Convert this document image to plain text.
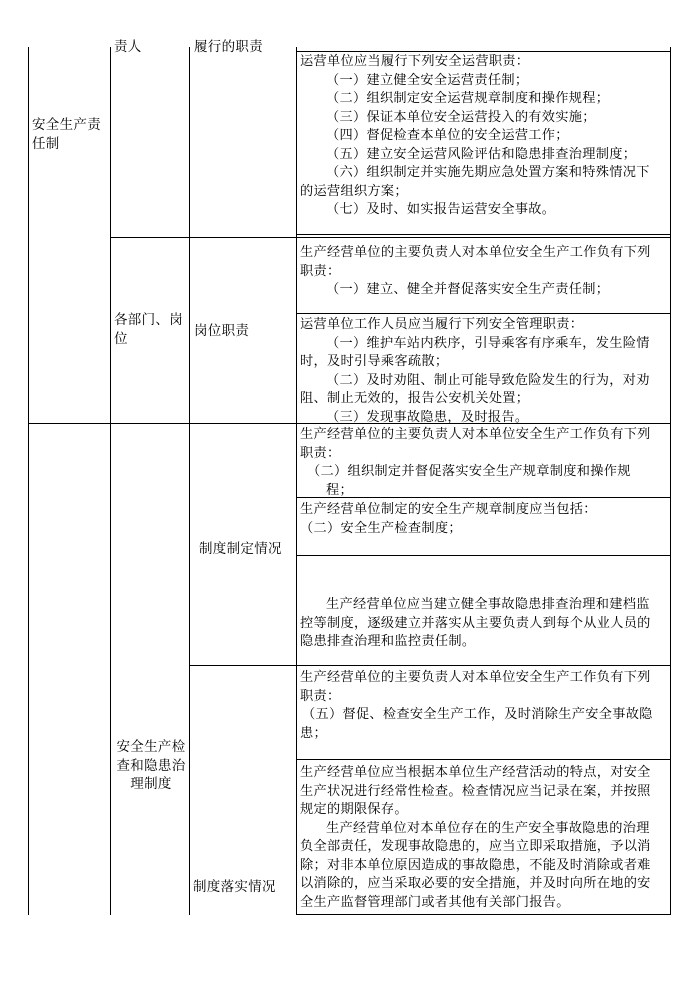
安全生产责任制
责人	履行的职责
各部门、岗位	岗位职责
运营单位应当履行下列安全运营职责：
（一）建立健全安全运营责任制；
（二）组织制定安全运营规章制度和操作规程；
（三）保证本单位安全运营投入的有效实施；
（四）督促检查本单位的安全运营工作；
（五）建立安全运营风险评估和隐患排查治理制度；
（六）组织制定并实施先期应急处置方案和特殊情况下
的运营组织方案；
（七）及时、如实报告运营安全事故。
生产经营单位的主要负责人对本单位安全生产工作负有下列
职责：
（一）建立、健全并督促落实安全生产责任制；
运营单位工作人员应当履行下列安全管理职责：
（一）维护车站内秩序，引导乘客有序乘车，发生险情
时，及时引导乘客疏散；
（二）及时劝阻、制止可能导致危险发生的行为，对劝
阻、制止无效的，报告公安机关处置；
（三）发现事故隐患，及时报告。
安全生产检查和隐患治理制度
制度制定情况
制度落实情况
生产经营单位的主要负责人对本单位安全生产工作负有下列
职责：
（二）组织制定并督促落实安全生产规章制度和操作规
程；
生产经营单位制定的安全生产规章制度应当包括：
（二）安全生产检查制度；
生产经营单位应当建立健全事故隐患排查治理和建档监
控等制度，逐级建立并落实从主要负责人到每个从业人员的
隐患排查治理和监控责任制。
生产经营单位的主要负责人对本单位安全生产工作负有下列
职责：
（五）督促、检查安全生产工作，及时消除生产安全事故隐
患；
生产经营单位应当根据本单位生产经营活动的特点，对安全
生产状况进行经常性检查。检查情况应当记录在案，并按照
规定的期限保存。
生产经营单位对本单位存在的生产安全事故隐患的治理
负全部责任，发现事故隐患的，应当立即采取措施，予以消
除；对非本单位原因造成的事故隐患，不能及时消除或者难
以消除的，应当采取必要的安全措施，并及时向所在地的安
全生产监督管理部门或者其他有关部门报告。
